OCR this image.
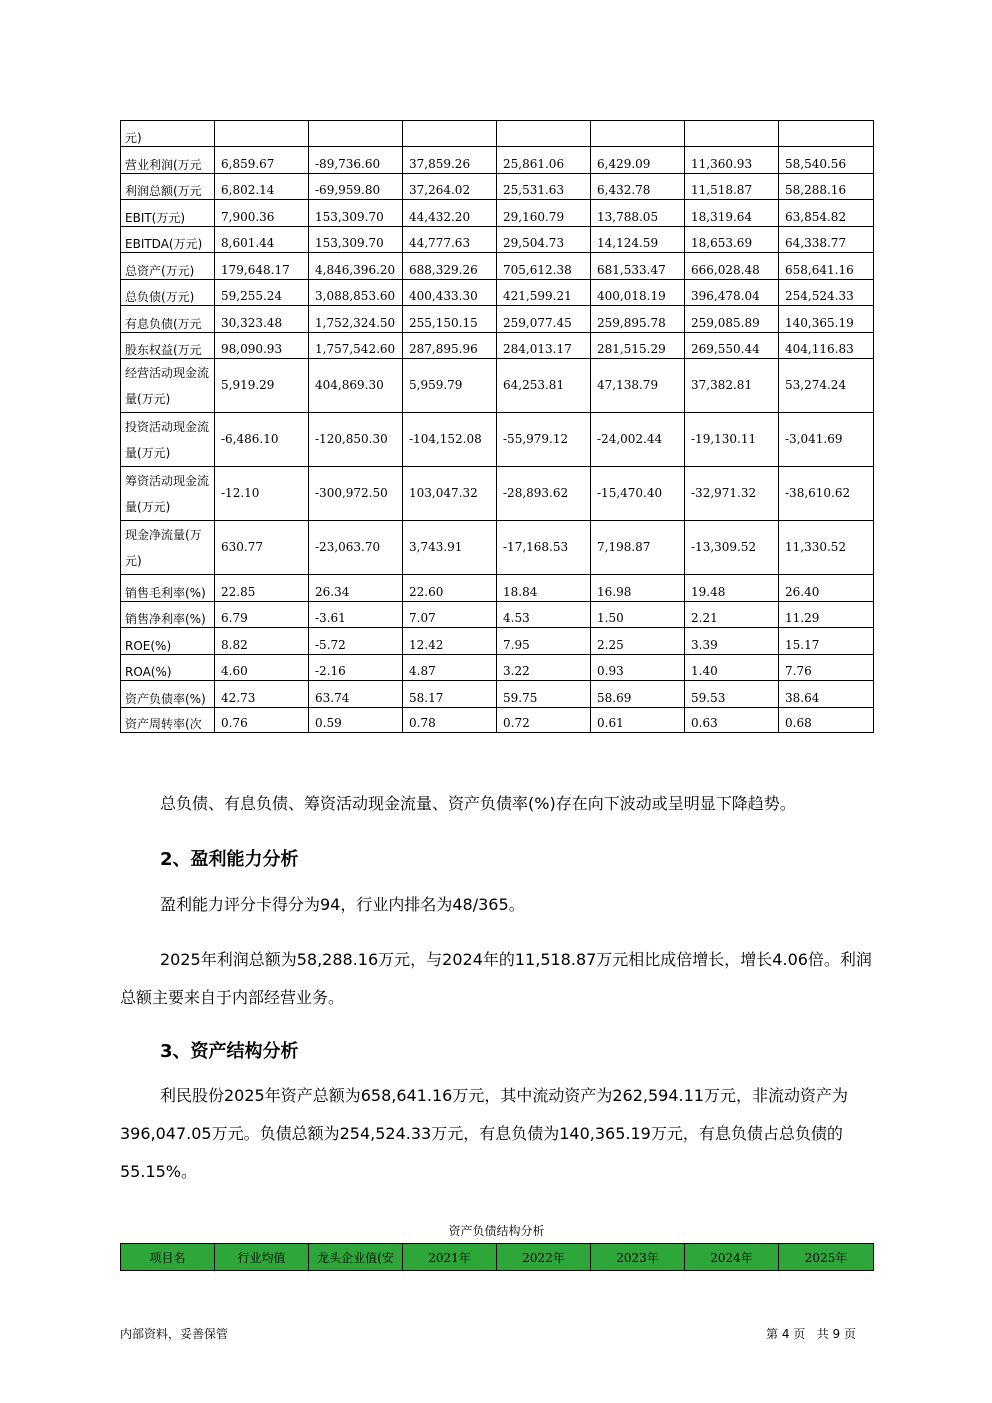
元)							
营业利润(万元	6,859.67	-89,736.60	37,859.26	25,861.06	6,429.09	11,360.93	58,540.56
利润总额(万元	6,802.14	-69,959.80	37,264.02	25,531.63	6,432.78	11,518.87	58,288.16
EBIT(万元)	7,900.36	153,309.70	44,432.20	29,160.79	13,788.05	18,319.64	63,854.82
EBITDA(万元)	8,601.44	153,309.70	44,777.63	29,504.73	14,124.59	18,653.69	64,338.77
总资产(万元)	179,648.17	4,846,396.20	688,329.26	705,612.38	681,533.47	666,028.48	658,641.16
总负债(万元)	59,255.24	3,088,853.60	400,433.30	421,599.21	400,018.19	396,478.04	254,524.33
有息负债(万元	30,323.48	1,752,324.50	255,150.15	259,077.45	259,895.78	259,085.89	140,365.19
股东权益(万元	98,090.93	1,757,542.60	287,895.96	284,013.17	281,515.29	269,550.44	404,116.83
经营活动现金流量(万元)	5,919.29	404,869.30	5,959.79	64,253.81	47,138.79	37,382.81	53,274.24
投资活动现金流量(万元)	-6,486.10	-120,850.30	-104,152.08	-55,979.12	-24,002.44	-19,130.11	-3,041.69
筹资活动现金流量(万元)	-12.10	-300,972.50	103,047.32	-28,893.62	-15,470.40	-32,971.32	-38,610.62
现金净流量(万元)	630.77	-23,063.70	3,743.91	-17,168.53	7,198.87	-13,309.52	11,330.52
销售毛利率(%)	22.85	26.34	22.60	18.84	16.98	19.48	26.40
销售净利率(%)	6.79	-3.61	7.07	4.53	1.50	2.21	11.29
ROE(%)	8.82	-5.72	12.42	7.95	2.25	3.39	15.17
ROA(%)	4.60	-2.16	4.87	3.22	0.93	1.40	7.76
资产负债率(%)	42.73	63.74	58.17	59.75	58.69	59.53	38.64
资产周转率(次	0.76	0.59	0.78	0.72	0.61	0.63	0.68

总负债、有息负债、筹资活动现金流量、资产负债率(%)存在向下波动或呈明显下降趋势。

2、盈利能力分析

盈利能力评分卡得分为94，行业内排名为48/365。

2025年利润总额为58,288.16万元，与2024年的11,518.87万元相比成倍增长，增长4.06倍。利润总额主要来自于内部经营业务。

3、资产结构分析

利民股份2025年资产总额为658,641.16万元，其中流动资产为262,594.11万元，非流动资产为396,047.05万元。负债总额为254,524.33万元，有息负债为140,365.19万元，有息负债占总负债的55.15%。

资产负债结构分析
项目名	行业均值	龙头企业值(安	2021年	2022年	2023年	2024年	2025年
内部资料，妥善保管	第 4 页   共 9 页
